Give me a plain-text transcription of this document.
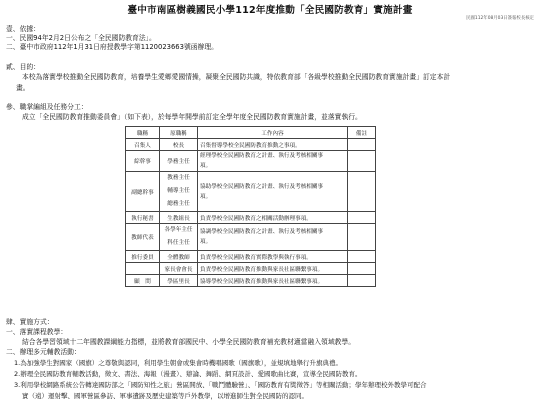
臺中市南區樹義國民小學112年度推動「全民國防教育」實施計畫
民國112年08月03日簽報校長核定
壹、依據：
一、民國94年2月2日公布之「全民國防教育法」。
二、臺中市政府112年1月31日府授教學字第1120023663號函辦理。
貳、目的：
本校為落實學校推動全民國防教育，培養學生愛鄉愛國情操，凝聚全民國防共識，特依教育部「各級學校推動全民國防教育實施計畫」訂定本計
畫。
參、職掌編組及任務分工：
成立「全民國防教育推動委員會」（如下表），於每學年開學前訂定全學年度全民國防教育實施計畫，並落實執行。
職稱	原職稱	工作內容	備註
召集人	校長	召集督導學校全民國防教育推動之事項。	
綜幹事	學務主任	經理學校全民國防教育之計畫、執行及考核相關事
項。	
副總幹事	教務主任
輔導主任
總務主任	協助學校全民國防教育之計畫、執行及考核相關事
項。	
執行秘書	生教組長	負責學校全民國防教育之相關活動辦理事項。	
教師代表	各學年主任
科任主任	協調學校全民國防教育之計畫、執行及考核相關事
項。	
推行委員	全體教師	負責學校全民國防教育實際教學與執行事項。	
	家長會會長	負責學校全民國防教育推動與家長社區聯繫事項。	
顧　問	學區里長	協導學校全民國防教育推動與家長社區聯繫事項。	
肆、實施方式：
一、落實課程教學：
結合各學習領域十二年國教課綱能力指標，並將教育部國民中、小學全民國防教育補充教材適當融入領域教學。
二、辦理多元輔教活動：
1.為加強學生對國家（國旗）之尊敬與認同，利用學生朝會或集會時機唱國歌（國旗歌），並規填地舉行升旗典禮。
2.辦理全民國防教育輔教活動，徵文、書法、海報（漫畫）、辯論、舞蹈、網頁設計、愛國歌曲比賽，宣導全民國防教育。
3.利用學校網路系統公告轉達國防部之「國防知性之旅」營區開放、「戰鬥體驗營」、「國防教育有獎徵答」等相關活動；學年辦理校外教學可配合
實（遠）運射擊、國軍營區參訪、軍事遺跡及歷史建築等戶外教學，以增進師生對全民國防的認同。
